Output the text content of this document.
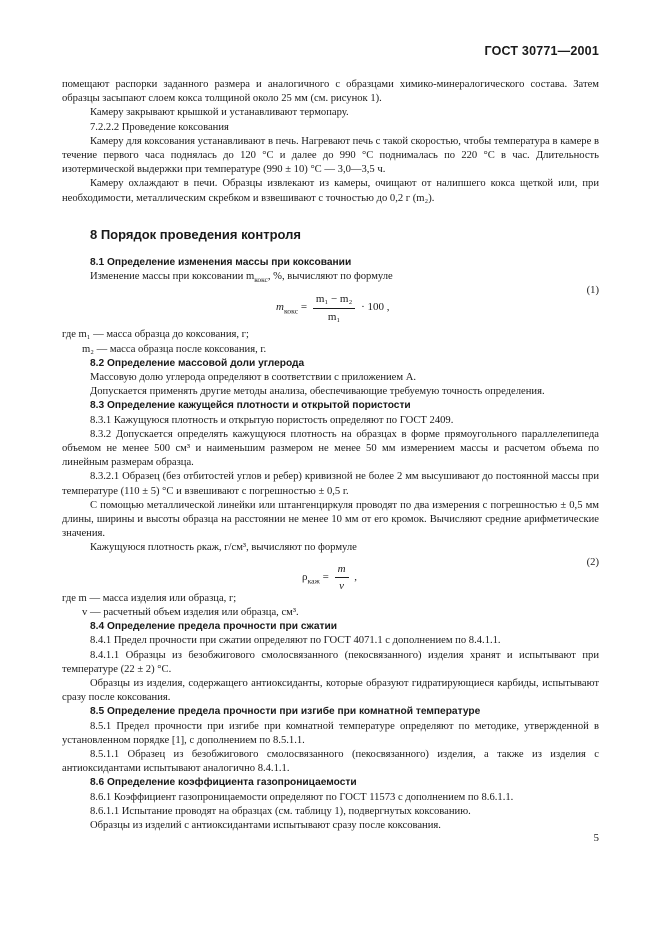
ГОСТ 30771—2001

помещают распорки заданного размера и аналогичного с образцами химико-минералогического состава. Затем образцы засыпают слоем кокса толщиной около 25 мм (см. рисунок 1).

Камеру закрывают крышкой и устанавливают термопару.

7.2.2.2 Проведение коксования

Камеру для коксования устанавливают в печь. Нагревают печь с такой скоростью, чтобы температура в камере в течение первого часа поднялась до 120 °С и далее до 990 °С поднималась по 220 °С в час. Длительность изотермической выдержки при температуре (990 ± 10) °С — 3,0—3,5 ч.

Камеру охлаждают в печи. Образцы извлекают из камеры, очищают от налипшего кокса щеткой или, при необходимости, металлическим скребком и взвешивают с точностью до 0,2 г (m₂).

8 Порядок проведения контроля
8.1 Определение изменения массы при коксовании

Изменение массы при коксовании $m_{кокс}$, %, вычисляют по формуле

$m_{кокс} = \frac{\text{m₁ − m₂}}{\text{m₁}} \cdot 100$ ,
(1)

где m₁ — масса образца до коксования, г;

m₂ — масса образца после коксования, г.

8.2 Определение массовой доли углерода

Массовую долю углерода определяют в соответствии с приложением А.

Допускается применять другие методы анализа, обеспечивающие требуемую точность определения.

8.3 Определение кажущейся плотности и открытой пористости

8.3.1 Кажущуюся плотность и открытую пористость определяют по ГОСТ 2409.

8.3.2 Допускается определять кажущуюся плотность на образцах в форме прямоугольного параллелепипеда объемом не менее 500 см³ и наименьшим размером не менее 50 мм измерением массы и расчетом объема по линейным размерам образца.

8.3.2.1 Образец (без отбитостей углов и ребер) кривизной не более 2 мм высушивают до постоянной массы при температуре (110 ± 5) °С и взвешивают с погрешностью ± 0,5 г.

С помощью металлической линейки или штангенциркуля проводят по два измерения с погрешностью ± 0,5 мм длины, ширины и высоты образца на расстоянии не менее 10 мм от его кромок. Вычисляют средние арифметические значения.

Кажущуюся плотность ρкаж, г/см³, вычисляют по формуле

$\rho_{каж} = \frac{m}{v}$ ,
(2)

где m — масса изделия или образца, г;

v — расчетный объем изделия или образца, см³.

8.4 Определение предела прочности при сжатии

8.4.1 Предел прочности при сжатии определяют по ГОСТ 4071.1 с дополнением по 8.4.1.1.

8.4.1.1 Образцы из безобжигового смолосвязанного (пекосвязанного) изделия хранят и испытывают при температуре (22 ± 2) °С.

Образцы из изделия, содержащего антиоксиданты, которые образуют гидратирующиеся карбиды, испытывают сразу после коксования.

8.5 Определение предела прочности при изгибе при комнатной температуре

8.5.1 Предел прочности при изгибе при комнатной температуре определяют по методике, утвержденной в установленном порядке [1], с дополнением по 8.5.1.1.

8.5.1.1 Образец из безобжигового смолосвязанного (пекосвязанного) изделия, а также из изделия с антиоксидантами испытывают аналогично 8.4.1.1.

8.6 Определение коэффициента газопроницаемости

8.6.1 Коэффициент газопроницаемости определяют по ГОСТ 11573 с дополнением по 8.6.1.1.

8.6.1.1 Испытание проводят на образцах (см. таблицу 1), подвергнутых коксованию.

Образцы из изделий с антиоксидантами испытывают сразу после коксования.

5
